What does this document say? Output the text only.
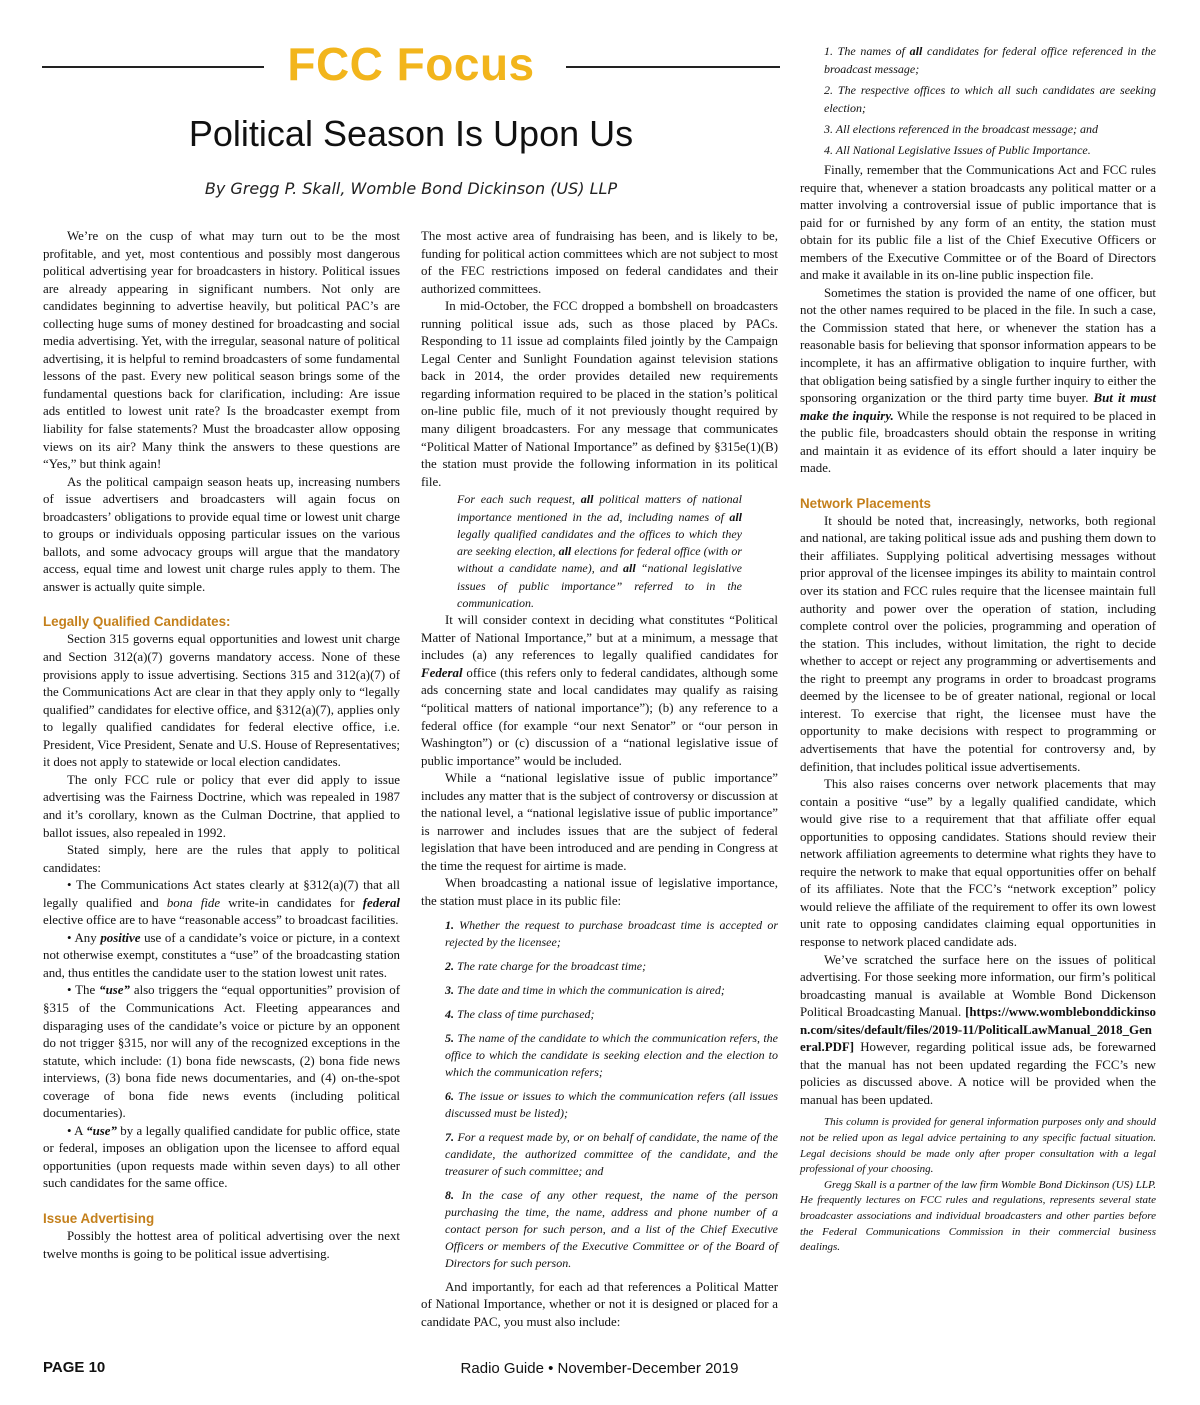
FCC Focus
Political Season Is Upon Us
By Gregg P. Skall, Womble Bond Dickinson (US) LLP

We’re on the cusp of what may turn out to be the most profitable, and yet, most contentious and possibly most dangerous political advertising year for broadcasters in history. Political issues are already appearing in significant numbers. Not only are candidates beginning to advertise heavily, but political PAC’s are collecting huge sums of money destined for broadcasting and social media advertising. Yet, with the irregular, seasonal nature of political advertising, it is helpful to remind broadcasters of some fundamental lessons of the past. Every new political season brings some of the fundamental questions back for clarification, including: Are issue ads entitled to lowest unit rate? Is the broadcaster exempt from liability for false statements? Must the broadcaster allow opposing views on its air? Many think the answers to these questions are “Yes,” but think again!

As the political campaign season heats up, increasing numbers of issue advertisers and broadcasters will again focus on broadcasters’ obligations to provide equal time or lowest unit charge to groups or individuals opposing particular issues on the various ballots, and some advocacy groups will argue that the mandatory access, equal time and lowest unit charge rules apply to them. The answer is actually quite simple.

Legally Qualified Candidates:

Section 315 governs equal opportunities and lowest unit charge and Section 312(a)(7) governs mandatory access. None of these provisions apply to issue advertising. Sections 315 and 312(a)(7) of the Communications Act are clear in that they apply only to “legally qualified” candidates for elective office, and §312(a)(7), applies only to legally qualified candidates for federal elective office, i.e. President, Vice President, Senate and U.S. House of Representatives; it does not apply to statewide or local election candidates.

The only FCC rule or policy that ever did apply to issue advertising was the Fairness Doctrine, which was repealed in 1987 and it’s corollary, known as the Culman Doctrine, that applied to ballot issues, also repealed in 1992.

Stated simply, here are the rules that apply to political candidates:

• The Communications Act states clearly at §312(a)(7) that all legally qualified and bona fide write-in candidates for federal elective office are to have “reasonable access” to broadcast facilities.

• Any positive use of a candidate’s voice or picture, in a context not otherwise exempt, constitutes a “use” of the broadcasting station and, thus entitles the candidate user to the station lowest unit rates.

• The “use” also triggers the “equal opportunities” provision of §315 of the Communications Act. Fleeting appearances and disparaging uses of the candidate’s voice or picture by an opponent do not trigger §315, nor will any of the recognized exceptions in the statute, which include: (1) bona fide newscasts, (2) bona fide news interviews, (3) bona fide news documentaries, and (4) on-the-spot coverage of bona fide news events (including political documentaries).

• A “use” by a legally qualified candidate for public office, state or federal, imposes an obligation upon the licensee to afford equal opportunities (upon requests made within seven days) to all other such candidates for the same office.

Issue Advertising

Possibly the hottest area of political advertising over the next twelve months is going to be political issue advertising.

The most active area of fundraising has been, and is likely to be, funding for political action committees which are not subject to most of the FEC restrictions imposed on federal candidates and their authorized committees.

In mid-October, the FCC dropped a bombshell on broadcasters running political issue ads, such as those placed by PACs. Responding to 11 issue ad complaints filed jointly by the Campaign Legal Center and Sunlight Foundation against television stations back in 2014, the order provides detailed new requirements regarding information required to be placed in the station’s political on-line public file, much of it not previously thought required by many diligent broadcasters. For any message that communicates “Political Matter of National Importance” as defined by §315e(1)(B) the station must provide the following information in its political file.

For each such request, all political matters of national importance mentioned in the ad, including names of all legally qualified candidates and the offices to which they are seeking election, all elections for federal office (with or without a candidate name), and all “national legislative issues of public importance” referred to in the communication.

It will consider context in deciding what constitutes “Political Matter of National Importance,” but at a minimum, a message that includes (a) any references to legally qualified candidates for Federal office (this refers only to federal candidates, although some ads concerning state and local candidates may qualify as raising “political matters of national importance”); (b) any reference to a federal office (for example “our next Senator” or “our person in Washington”) or (c) discussion of a “national legislative issue of public importance” would be included.

While a “national legislative issue of public importance” includes any matter that is the subject of controversy or discussion at the national level, a “national legislative issue of public importance” is narrower and includes issues that are the subject of federal legislation that have been introduced and are pending in Congress at the time the request for airtime is made.

When broadcasting a national issue of legislative importance, the station must place in its public file:

1. Whether the request to purchase broadcast time is accepted or rejected by the licensee;
2. The rate charge for the broadcast time;
3. The date and time in which the communication is aired;
4. The class of time purchased;
5. The name of the candidate to which the communication refers, the office to which the candidate is seeking election and the election to which the communication refers;
6. The issue or issues to which the communication refers (all issues discussed must be listed);
7. For a request made by, or on behalf of candidate, the name of the candidate, the authorized committee of the candidate, and the treasurer of such committee; and
8. In the case of any other request, the name of the person purchasing the time, the name, address and phone number of a contact person for such person, and a list of the Chief Executive Officers or members of the Executive Committee or of the Board of Directors for such person.

And importantly, for each ad that references a Political Matter of National Importance, whether or not it is designed or placed for a candidate PAC, you must also include:

1. The names of all candidates for federal office referenced in the broadcast message;
2. The respective offices to which all such candidates are seeking election;
3. All elections referenced in the broadcast message; and
4. All National Legislative Issues of Public Importance.

Finally, remember that the Communications Act and FCC rules require that, whenever a station broadcasts any political matter or a matter involving a controversial issue of public importance that is paid for or furnished by any form of an entity, the station must obtain for its public file a list of the Chief Executive Officers or members of the Executive Committee or of the Board of Directors and make it available in its on-line public inspection file.

Sometimes the station is provided the name of one officer, but not the other names required to be placed in the file. In such a case, the Commission stated that here, or whenever the station has a reasonable basis for believing that sponsor information appears to be incomplete, it has an affirmative obligation to inquire further, with that obligation being satisfied by a single further inquiry to either the sponsoring organization or the third party time buyer. But it must make the inquiry. While the response is not required to be placed in the public file, broadcasters should obtain the response in writing and maintain it as evidence of its effort should a later inquiry be made.

Network Placements

It should be noted that, increasingly, networks, both regional and national, are taking political issue ads and pushing them down to their affiliates. Supplying political advertising messages without prior approval of the licensee impinges its ability to maintain control over its station and FCC rules require that the licensee maintain full authority and power over the operation of station, including complete control over the policies, programming and operation of the station. This includes, without limitation, the right to decide whether to accept or reject any programming or advertisements and the right to preempt any programs in order to broadcast programs deemed by the licensee to be of greater national, regional or local interest. To exercise that right, the licensee must have the opportunity to make decisions with respect to programming or advertisements that have the potential for controversy and, by definition, that includes political issue advertisements.

This also raises concerns over network placements that may contain a positive “use” by a legally qualified candidate, which would give rise to a requirement that that affiliate offer equal opportunities to opposing candidates. Stations should review their network affiliation agreements to determine what rights they have to require the network to make that equal opportunities offer on behalf of its affiliates. Note that the FCC’s “network exception” policy would relieve the affiliate of the requirement to offer its own lowest unit rate to opposing candidates claiming equal opportunities in response to network placed candidate ads.

We’ve scratched the surface here on the issues of political advertising. For those seeking more information, our firm’s political broadcasting manual is available at Womble Bond Dickenson Political Broadcasting Manual. [https://www.womblebonddickinson.com/sites/default/files/2019-11/PoliticalLawManual_2018_General.PDF] However, regarding political issue ads, be forewarned that the manual has not been updated regarding the FCC’s new policies as discussed above. A notice will be provided when the manual has been updated.

This column is provided for general information purposes only and should not be relied upon as legal advice pertaining to any specific factual situation. Legal decisions should be made only after proper consultation with a legal professional of your choosing.

Gregg Skall is a partner of the law firm Womble Bond Dickinson (US) LLP. He frequently lectures on FCC rules and regulations, represents several state broadcaster associations and individual broadcasters and other parties before the Federal Communications Commission in their commercial business dealings.

PAGE 10	Radio Guide • November-December 2019
